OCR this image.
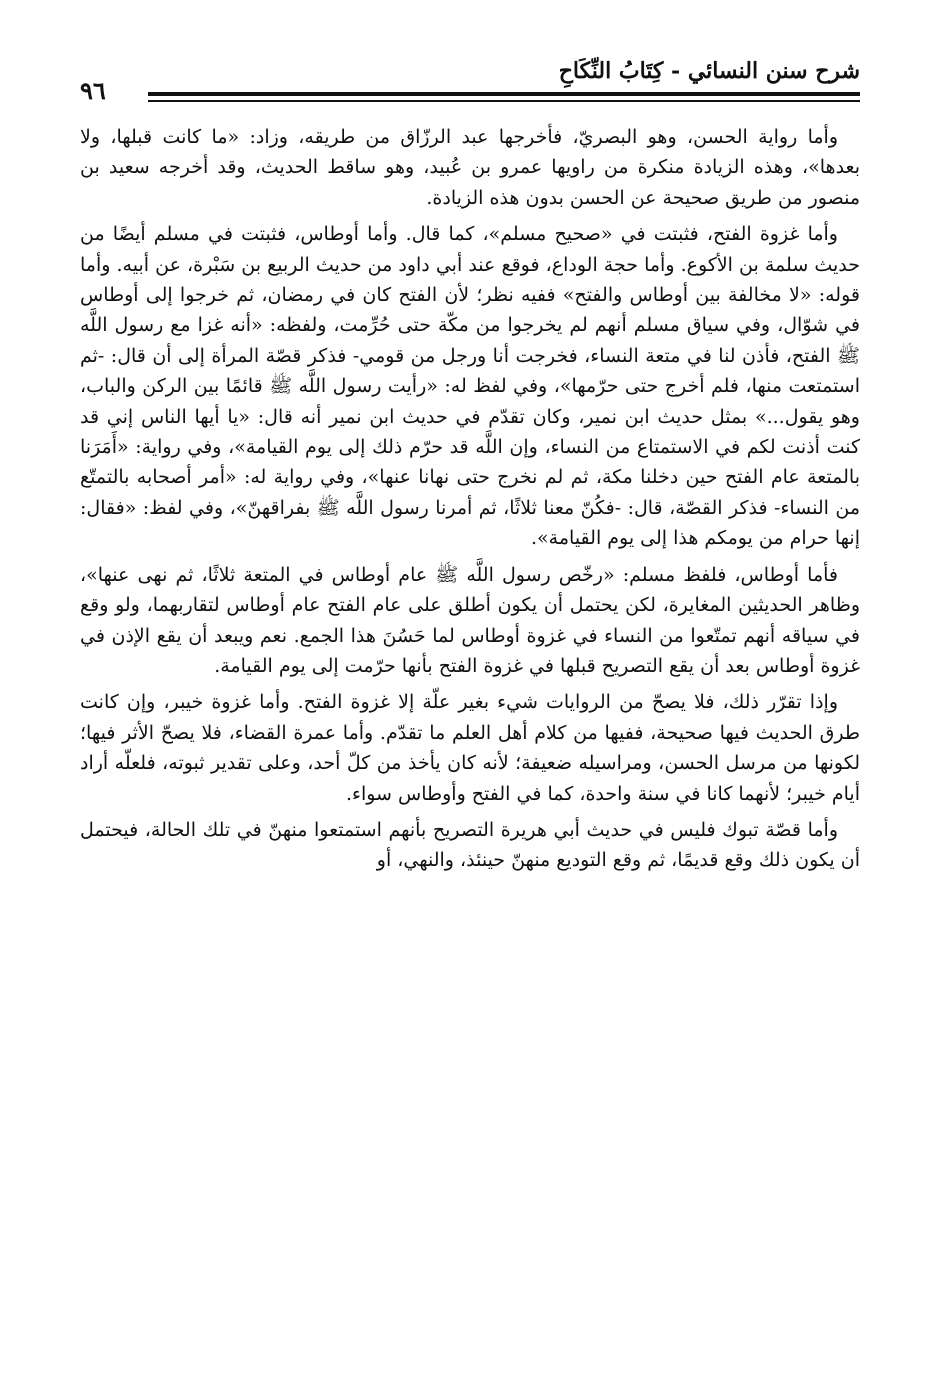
٩٦
شرح سنن النسائي - كِتَابُ النِّكَاحِ

وأما رواية الحسن، وهو البصريّ، فأخرجها عبد الرزّاق من طريقه، وزاد: «ما كانت قبلها، ولا بعدها»، وهذه الزيادة منكرة من راويها عمرو بن عُبيد، وهو ساقط الحديث، وقد أخرجه سعيد بن منصور من طريق صحيحة عن الحسن بدون هذه الزيادة.

وأما غزوة الفتح، فثبتت في «صحيح مسلم»، كما قال. وأما أوطاس، فثبتت في مسلم أيضًا من حديث سلمة بن الأكوع. وأما حجة الوداع، فوقع عند أبي داود من حديث الربيع بن سَبْرة، عن أبيه. وأما قوله: «لا مخالفة بين أوطاس والفتح» ففيه نظر؛ لأن الفتح كان في رمضان، ثم خرجوا إلى أوطاس في شوّال، وفي سياق مسلم أنهم لم يخرجوا من مكّة حتى حُرِّمت، ولفظه: «أنه غزا مع رسول اللَّه ﷺ الفتح، فأذن لنا في متعة النساء، فخرجت أنا ورجل من قومي- فذكر قصّة المرأة إلى أن قال: -ثم استمتعت منها، فلم أخرج حتى حرّمها»، وفي لفظ له: «رأيت رسول اللَّه ﷺ قائمًا بين الركن والباب، وهو يقول...» بمثل حديث ابن نمير، وكان تقدّم في حديث ابن نمير أنه قال: «يا أيها الناس إني قد كنت أذنت لكم في الاستمتاع من النساء، وإن اللَّه قد حرّم ذلك إلى يوم القيامة»، وفي رواية: «أَمَرَنا بالمتعة عام الفتح حين دخلنا مكة، ثم لم نخرج حتى نهانا عنها»، وفي رواية له: «أمر أصحابه بالتمتّع من النساء- فذكر القصّة، قال: -فكُنّ معنا ثلاثًا، ثم أمرنا رسول اللَّه ﷺ بفراقهنّ»، وفي لفظ: «فقال: إنها حرام من يومكم هذا إلى يوم القيامة».

فأما أوطاس، فلفظ مسلم: «رخّص رسول اللَّه ﷺ عام أوطاس في المتعة ثلاثًا، ثم نهى عنها»، وظاهر الحديثين المغايرة، لكن يحتمل أن يكون أطلق على عام الفتح عام أوطاس لتقاربهما، ولو وقع في سياقه أنهم تمتّعوا من النساء في غزوة أوطاس لما حَسُنَ هذا الجمع. نعم ويبعد أن يقع الإذن في غزوة أوطاس بعد أن يقع التصريح قبلها في غزوة الفتح بأنها حرّمت إلى يوم القيامة.

وإذا تقرّر ذلك، فلا يصحّ من الروايات شيء بغير علّة إلا غزوة الفتح. وأما غزوة خيبر، وإن كانت طرق الحديث فيها صحيحة، ففيها من كلام أهل العلم ما تقدّم. وأما عمرة القضاء، فلا يصحّ الأثر فيها؛ لكونها من مرسل الحسن، ومراسيله ضعيفة؛ لأنه كان يأخذ من كلّ أحد، وعلى تقدير ثبوته، فلعلّه أراد أيام خيبر؛ لأنهما كانا في سنة واحدة، كما في الفتح وأوطاس سواء.

وأما قصّة تبوك فليس في حديث أبي هريرة التصريح بأنهم استمتعوا منهنّ في تلك الحالة، فيحتمل أن يكون ذلك وقع قديمًا، ثم وقع التوديع منهنّ حينئذ، والنهي، أو
